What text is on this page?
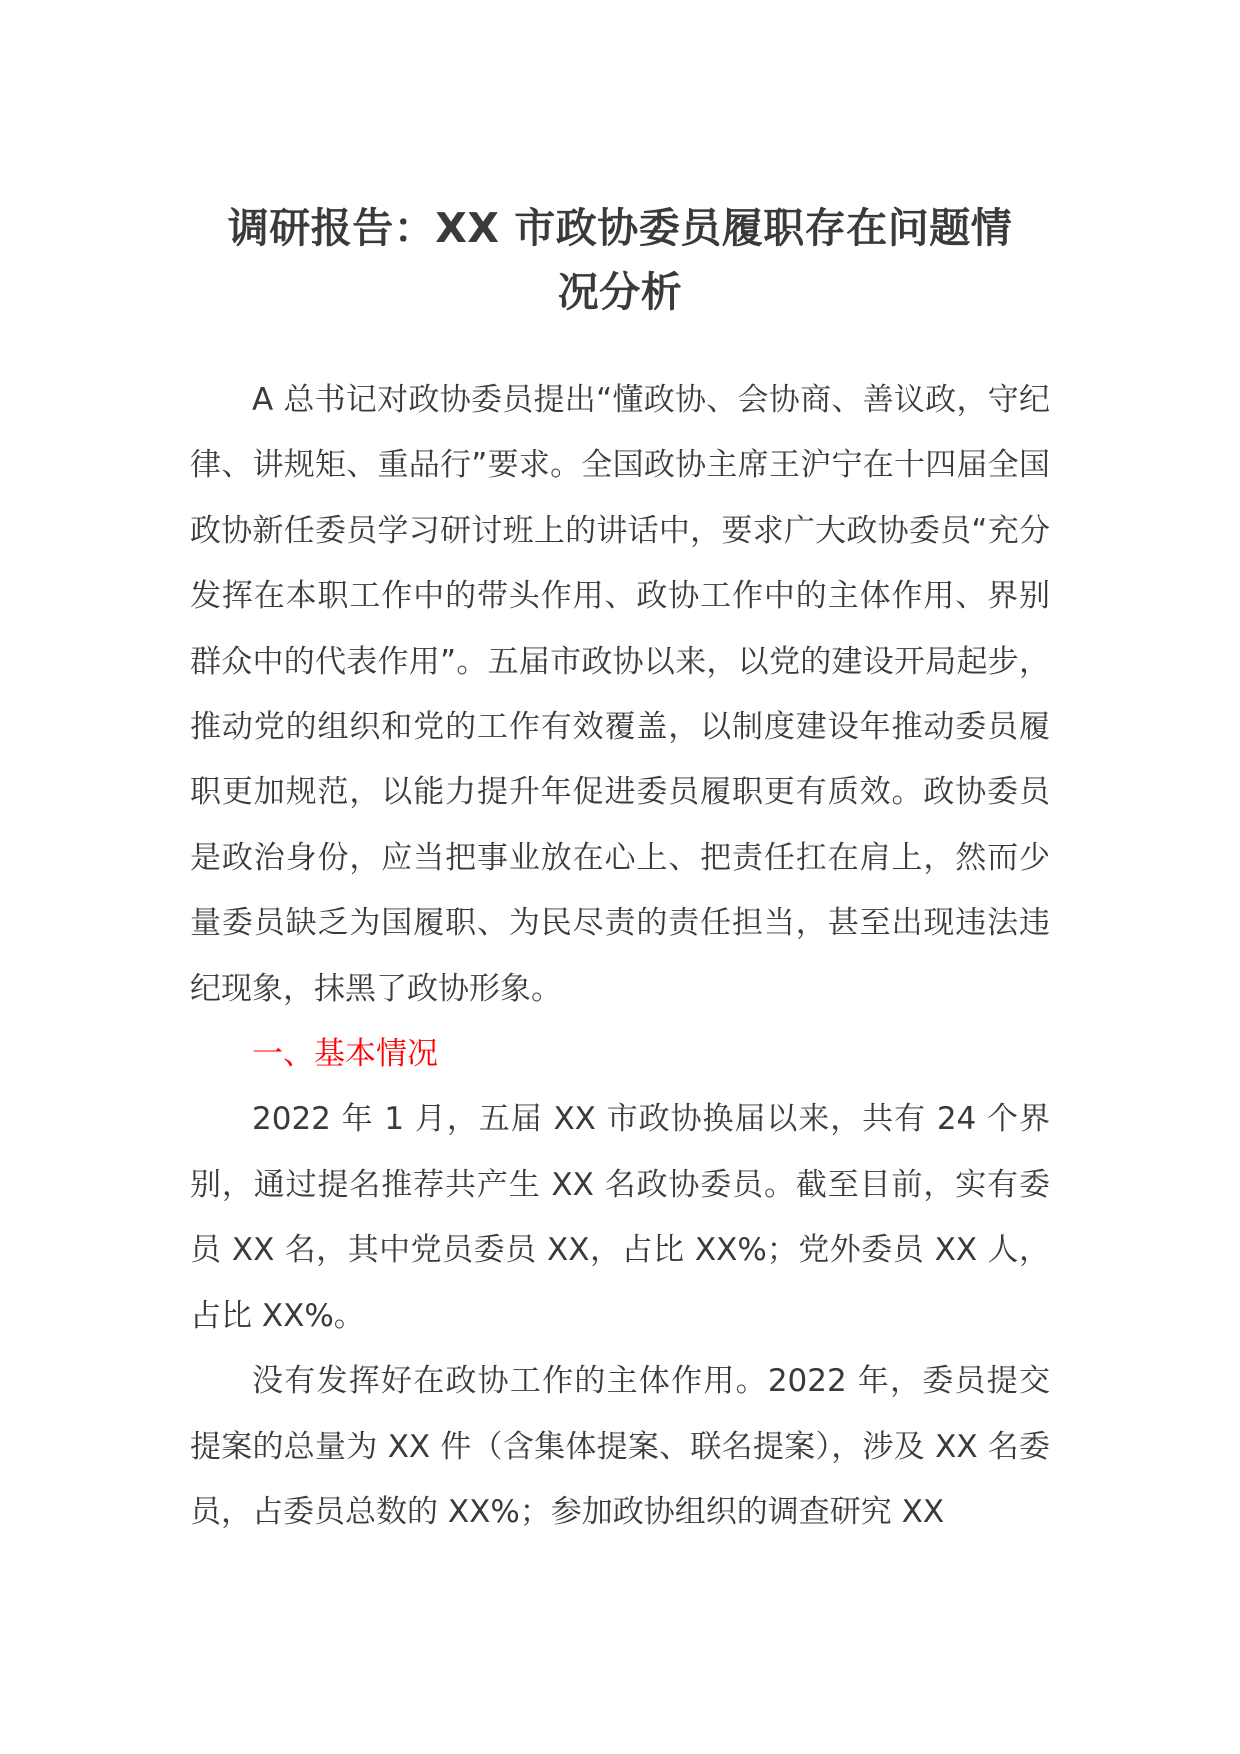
调研报告：XX 市政协委员履职存在问题情
况分析

A 总书记对政协委员提出“懂政协、会协商、善议政，守纪律、讲规矩、重品行”要求。全国政协主席王沪宁在十四届全国政协新任委员学习研讨班上的讲话中，要求广大政协委员“充分发挥在本职工作中的带头作用、政协工作中的主体作用、界别群众中的代表作用”。五届市政协以来，以党的建设开局起步，推动党的组织和党的工作有效覆盖，以制度建设年推动委员履职更加规范，以能力提升年促进委员履职更有质效。政协委员是政治身份，应当把事业放在心上、把责任扛在肩上，然而少量委员缺乏为国履职、为民尽责的责任担当，甚至出现违法违纪现象，抹黑了政协形象。

一、基本情况

2022 年 1 月，五届 XX 市政协换届以来，共有 24 个界别，通过提名推荐共产生 XX 名政协委员。截至目前，实有委员 XX 名，其中党员委员 XX，占比 XX%；党外委员 XX 人，占比 XX%。

没有发挥好在政协工作的主体作用。2022 年，委员提交提案的总量为 XX 件（含集体提案、联名提案），涉及 XX 名委员，占委员总数的 XX%；参加政协组织的调查研究 XX
